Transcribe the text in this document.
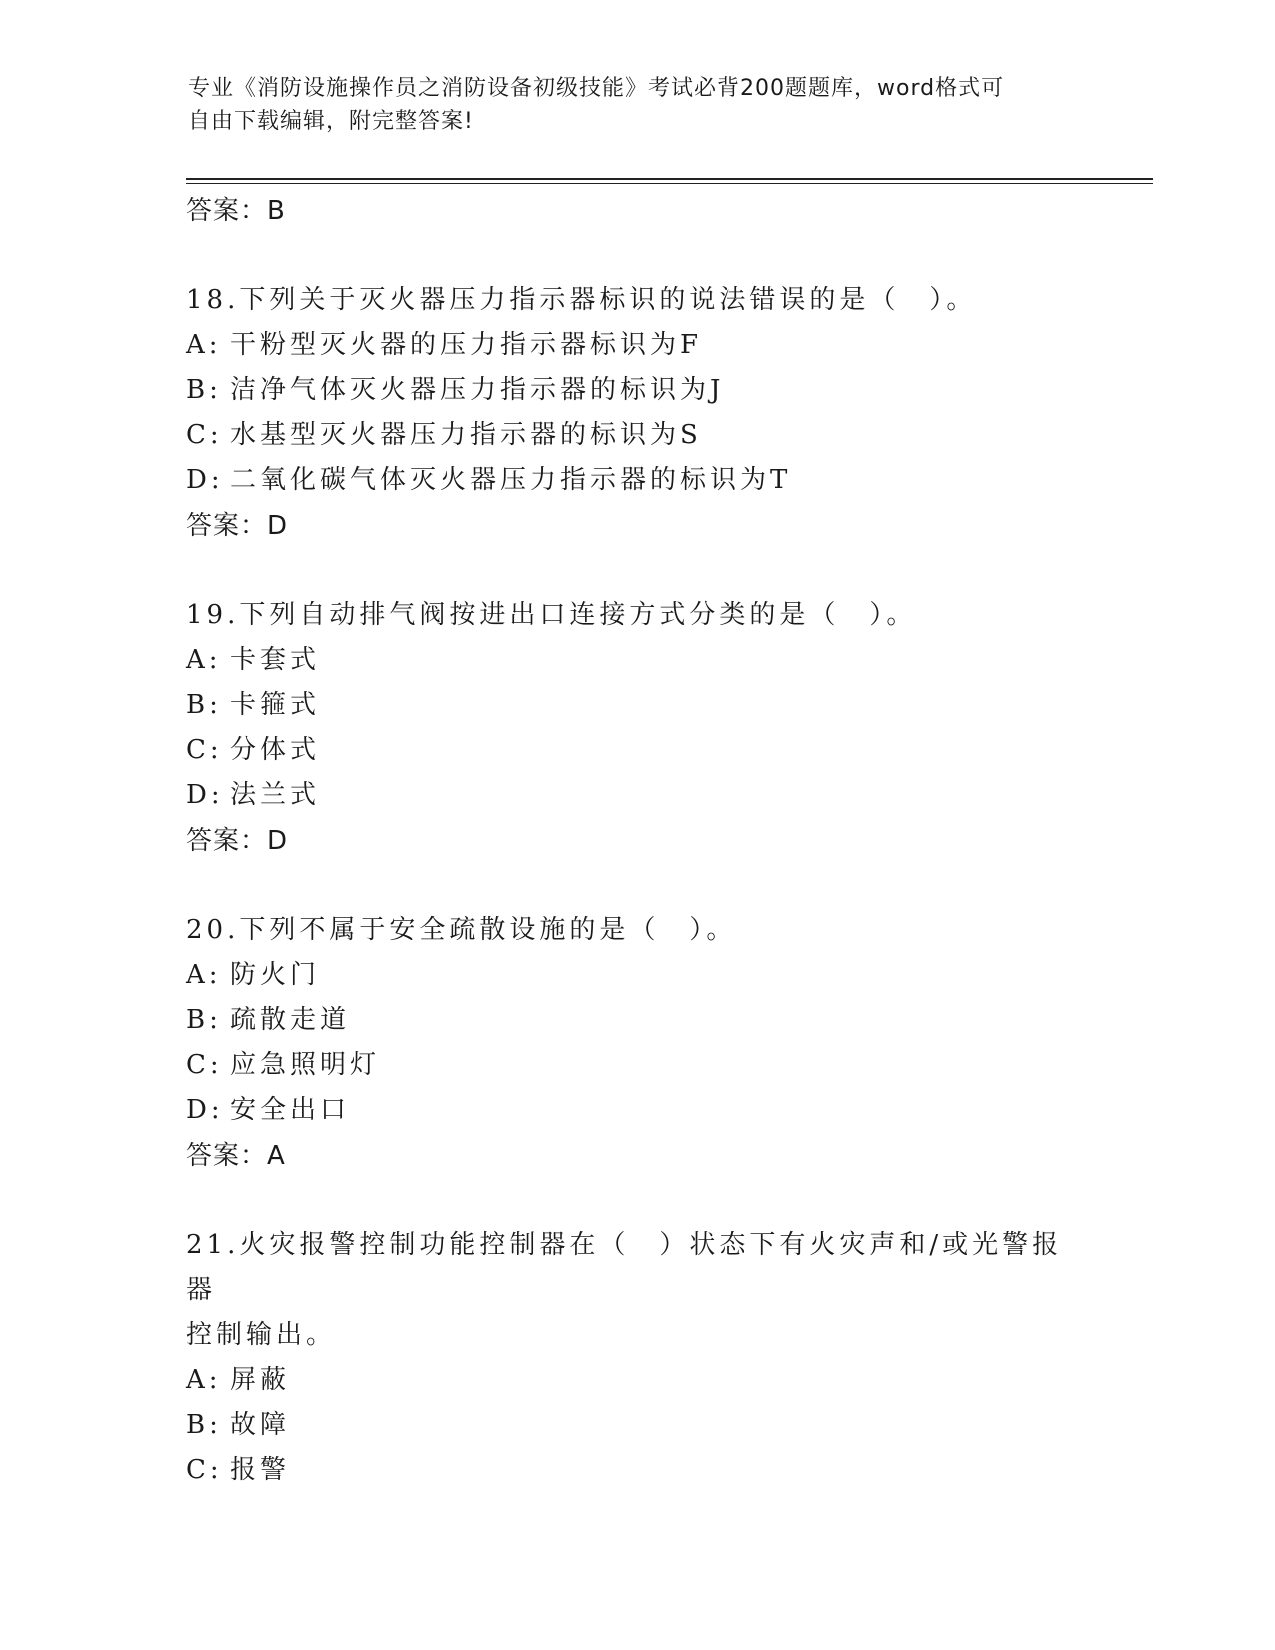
专业《消防设施操作员之消防设备初级技能》考试必背200题题库，word格式可
自由下载编辑，附完整答案!
答案：B
18.下列关于灭火器压力指示器标识的说法错误的是（　）。
A: 干粉型灭火器的压力指示器标识为F
B: 洁净气体灭火器压力指示器的标识为J
C: 水基型灭火器压力指示器的标识为S
D: 二氧化碳气体灭火器压力指示器的标识为T
答案：D
19.下列自动排气阀按进出口连接方式分类的是（　）。
A: 卡套式
B: 卡箍式
C: 分体式
D: 法兰式
答案：D
20.下列不属于安全疏散设施的是（　）。
A: 防火门
B: 疏散走道
C: 应急照明灯
D: 安全出口
答案：A
21.火灾报警控制功能控制器在（　）状态下有火灾声和/或光警报器
控制输出。
A: 屏蔽
B: 故障
C: 报警
